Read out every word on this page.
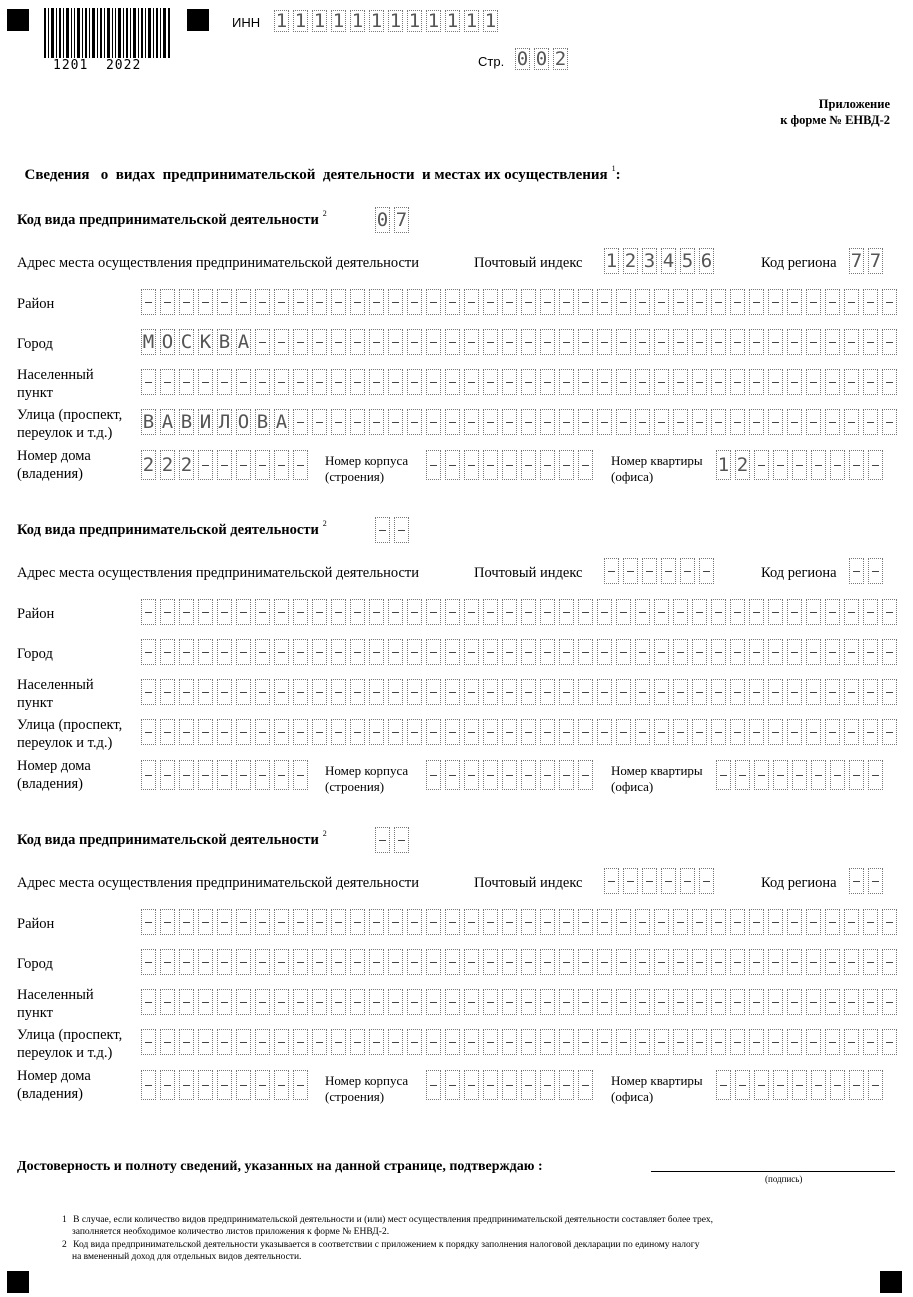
1201  2022
ИНН 1 1 1 1 1 1 1 1 1 1 1 1
Стр. 0 0 2
Приложение
к форме № ЕНВД-2

Сведения   о  видах  предпринимательской  деятельности  и местах их осуществления $^1$:

Код вида предпринимательской деятельности $^2$	0 7
Адрес места осуществления предпринимательской деятельности	Почтовый индекс 1 2 3 4 5 6	Код региона 7 7
Район
Город	М О С К В А
Населенный
пункт
Улица (проспект,
переулок и т.д.) В А В И Л О В А
Номер дома
(владения)	2 2 2	Номер корпуса
(строения)
Номер квартиры
(офиса)
1 2
Код вида предпринимательской деятельности $^2$
Адрес места осуществления предпринимательской деятельности	Почтовый индекс	Код региона
Район
Город
Населенный
пункт
Улица (проспект,
переулок и т.д.)
Номер дома
(владения)
Номер корпуса
(строения)
Номер квартиры
(офиса)
Код вида предпринимательской деятельности $^2$
Адрес места осуществления предпринимательской деятельности	Почтовый индекс	Код региона
Район
Город
Населенный
пункт
Улица (проспект,
переулок и т.д.)
Номер дома
(владения)
Номер корпуса
(строения)
Номер квартиры
(офиса)
Достоверность и полноту сведений, указанных на данной странице, подтверждаю :
(подпись)
1 В случае, если количество видов предпринимательской деятельности и (или) мест осуществления предпринимательской деятельности составляет более трех,
заполняется необходимое количество листов приложения к форме № ЕНВД-2.
2 Код вида предпринимательской деятельности указывается в соответствии с приложением к порядку заполнения налоговой декларации по единому налогу
на вмененный доход для отдельных видов деятельности.
